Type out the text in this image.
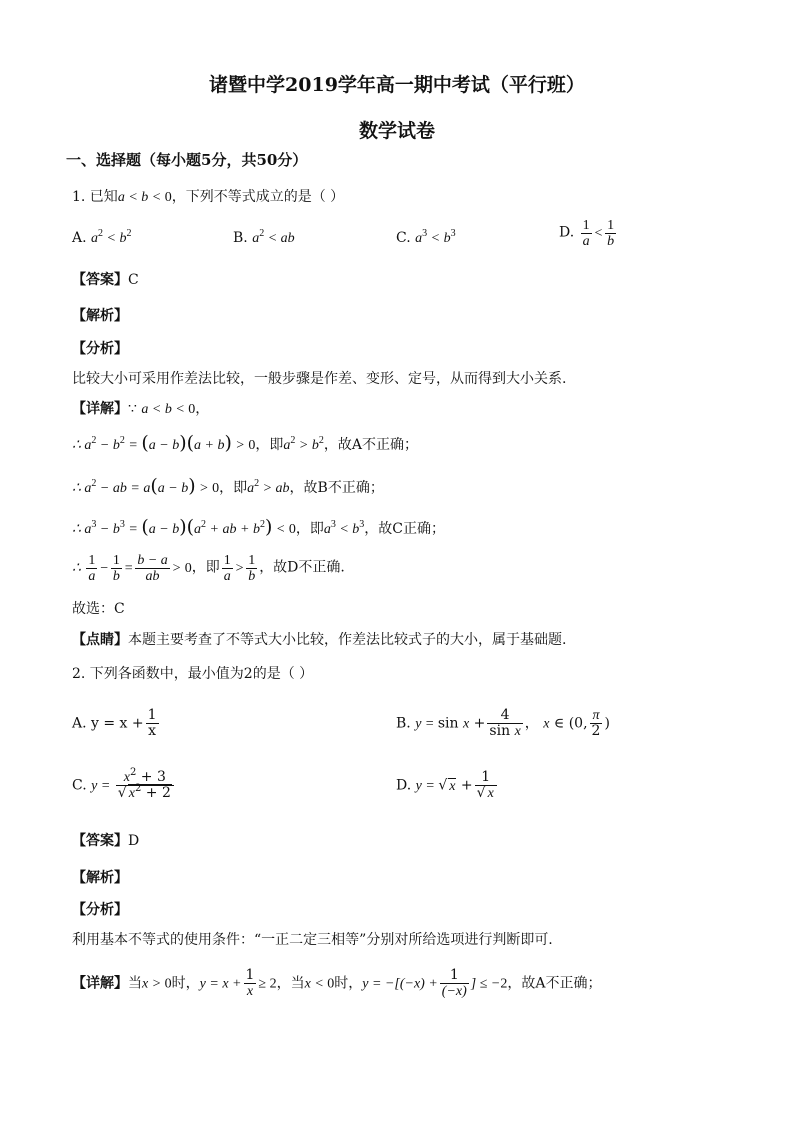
诸暨中学2019学年高一期中考试（平行班）
数学试卷
一、选择题（每小题5分，共50分）
1. 已知a < b < 0，下列不等式成立的是（ ）
A. $a^2 < b^2$	B. $a^2$ < ab	C. $a^3 < b^3$	D. $\frac{1}{a} < \frac{1}{b}$
【答案】C
【解析】
【分析】
比较大小可采用作差法比较，一般步骤是作差、变形、定号，从而得到大小关系.
【详解】∵ a < b < 0，
∴ $a^2 - b^2 = (a - b)(a + b) > 0$，即$a^2 > b^2$，故A不正确；
∴ $a^2$ − ab = a(a − b) > 0，即$a^2$ > ab，故B不正确；
∴ $a^3 - b^3 = (a - b)(a^2$ + ab + $b^2) < 0$，即$a^3 < b^3$，故C正确；
∴ $\frac{1}{a} - \frac{1}{b} = \frac{b - a}{ab} > 0$，即 $\frac{1}{a} > \frac{1}{b}$ ，故D不正确.
故选：C
【点睛】本题主要考查了不等式大小比较，作差法比较式子的大小，属于基础题.
2. 下列各函数中，最小值为2的是（ ）
A. $y = x + \frac{1}{x}$	B. $y = \sin x + \frac{4}{\text{sin x}}$ ， x ∈ (0, $\frac{\pi}{2}$ )
C. $y = \frac{x^2 + 3}{√ x^2 + 2}$	D. y = √ $x + \frac{1}{√ x}$
【答案】D
【解析】
【分析】
利用基本不等式的使用条件：“一正二定三相等”分别对所给选项进行判断即可.
【详解】当x > 0时，$y = x + \frac{1}{x} \ge 2$，当x < 0时，$y = -[(-x) + \frac{1}{(-x)}$ ] ≤ −2，故A不正确；
